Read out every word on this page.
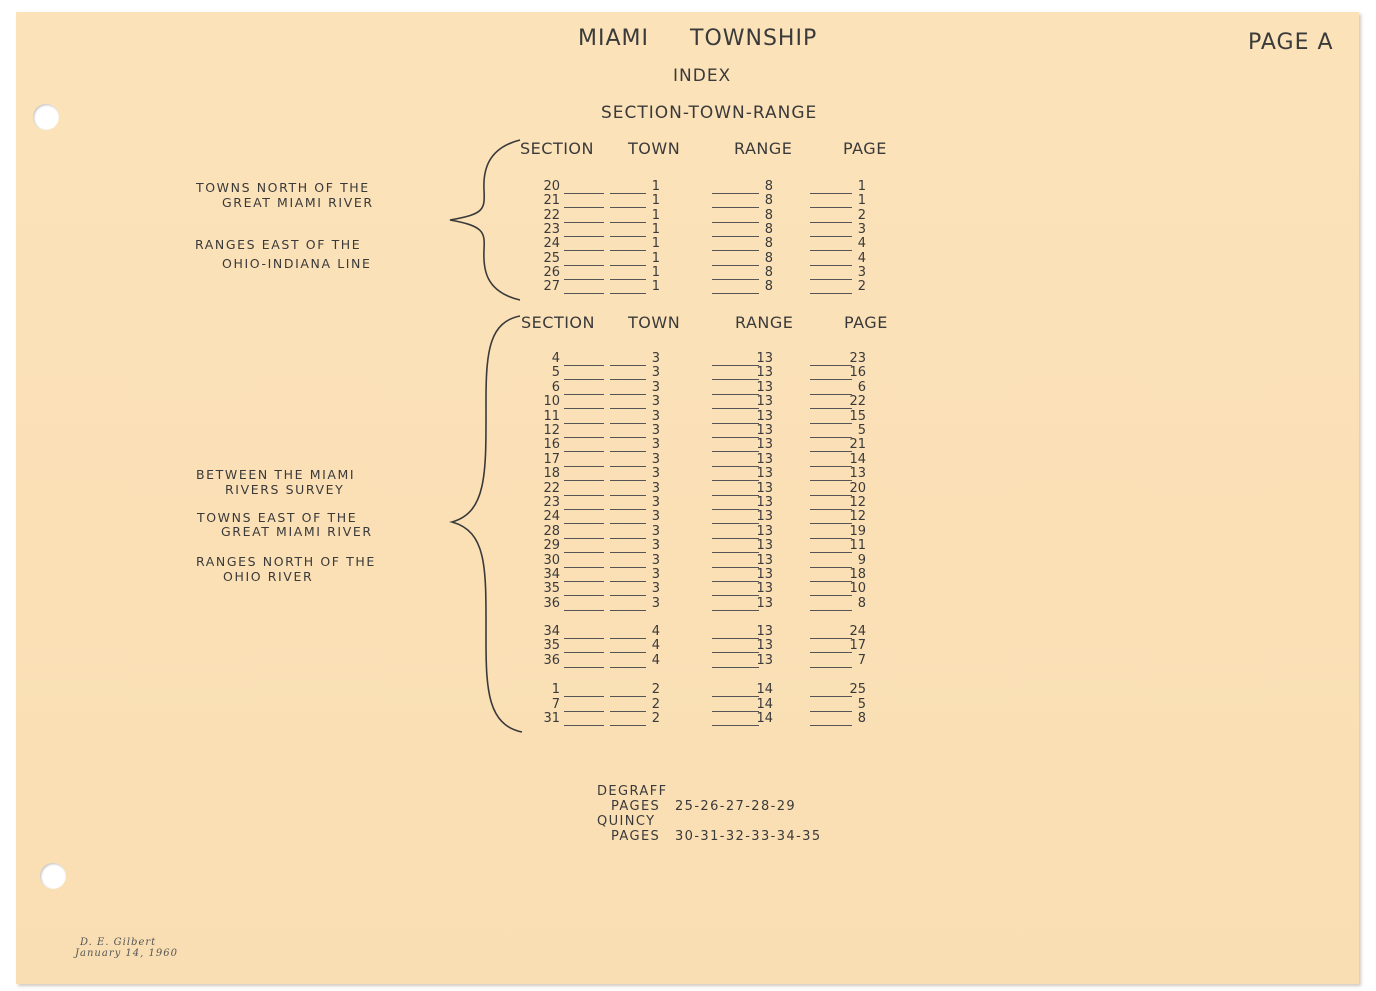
MIAMI TOWNSHIP	PAGE A
INDEX
SECTION-TOWN-RANGE
SECTION TOWN	RANGE	PAGE
TOWNS NORTH OF THE
GREAT MIAMI RIVER
RANGES EAST OF THE
OHIO-INDIANA LINE
SECTION TOWN	RANGE	PAGE
BETWEEN THE MIAMI
RIVERS SURVEY
TOWNS EAST OF THE
GREAT MIAMI RIVER
RANGES NORTH OF THE
OHIO RIVER
20	1	8	1
21	1	8	1
22	1	8	2
23	1	8	3
24	1	8	4
25	1	8	4
26	1	8	3
27	1	8	2
4	3	13	23
5	3	13	16
6	3	13	6
10	3	13	22
11	3	13	15
12	3	13	5
16	3	13	21
17	3	13	14
18	3	13	13
22	3	13	20
23	3	13	12
24	3	13	12
28	3	13	19
29	3	13	11
30	3	13	9
34	3	13	18
35	3	13	10
36	3	13	8
34	4	13	24
35	4	13	17
36	4	13	7
1	2	14	25
7	2	14	5
31	2	14	8
DEGRAFF
PAGES 25-26-27-28-29
QUINCY
PAGES 30-31-32-33-34-35
D. E. Gilbert
January 14, 1960
